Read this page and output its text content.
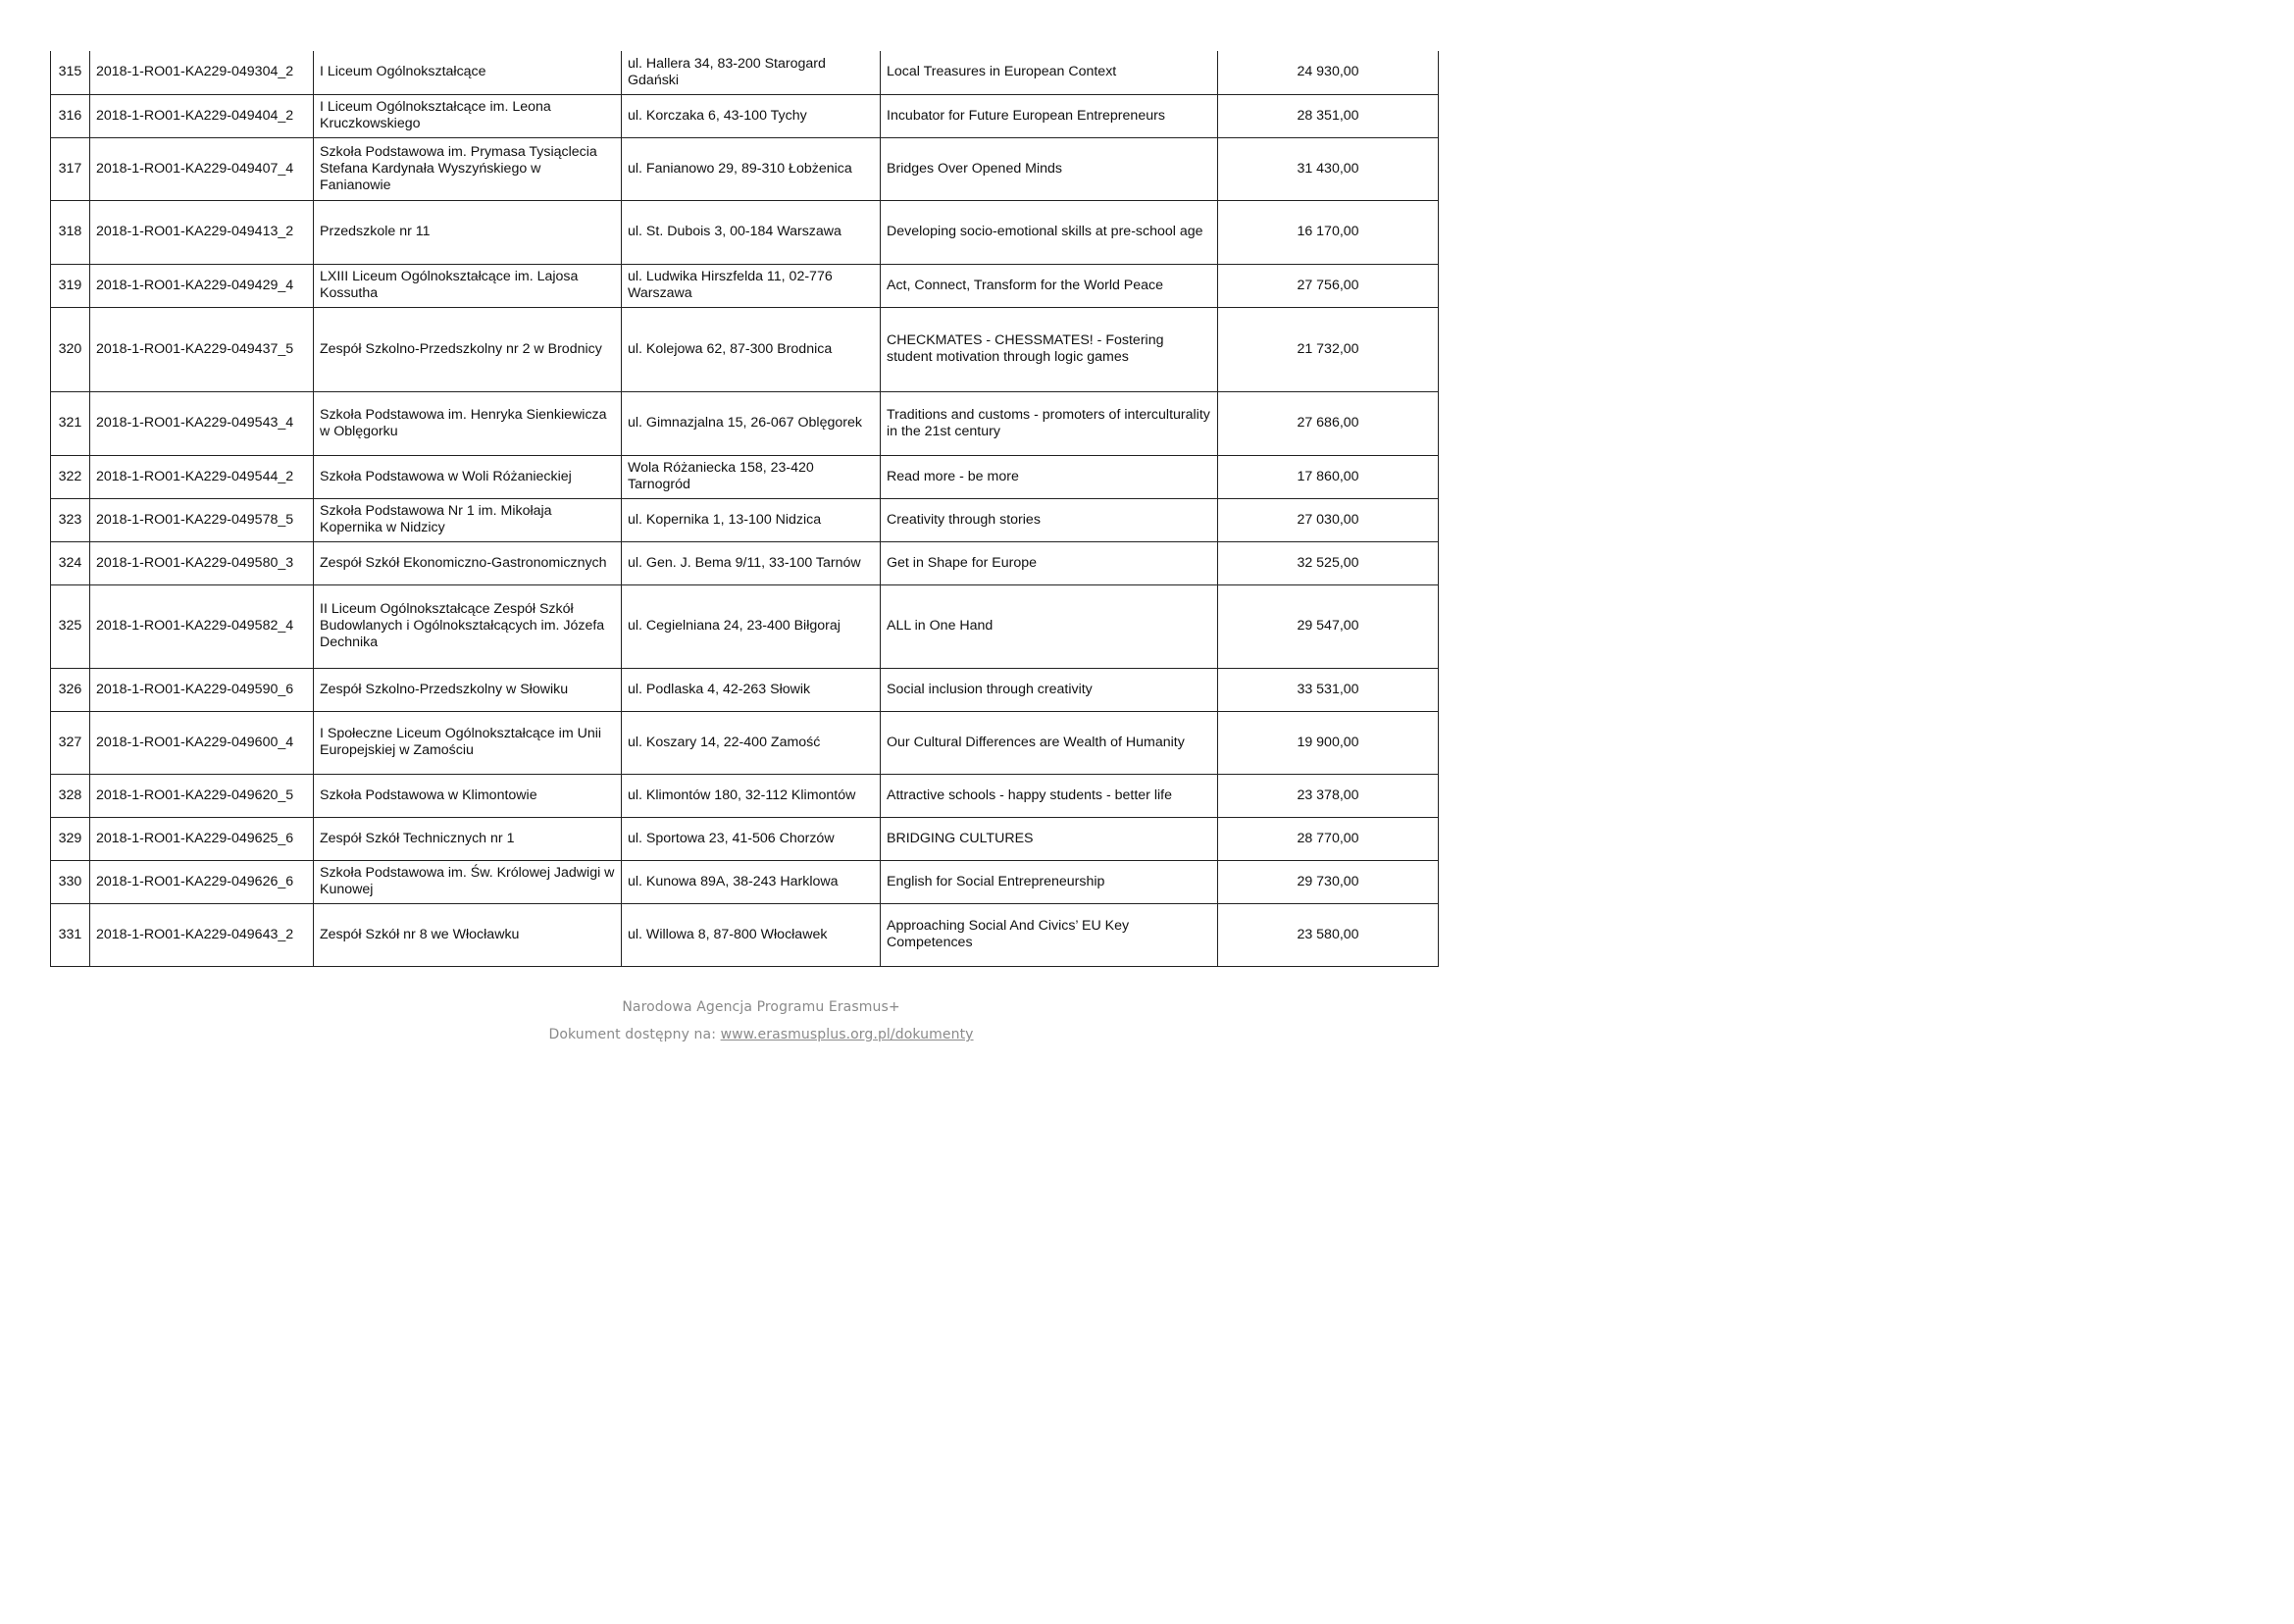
315	2018-1-RO01-KA229-049304_2	I Liceum Ogólnokształcące	ul. Hallera 34, 83-200 Starogard Gdański	Local Treasures in European Context	24 930,00
316	2018-1-RO01-KA229-049404_2	I Liceum Ogólnokształcące im. Leona Kruczkowskiego	ul. Korczaka 6, 43-100 Tychy	Incubator for Future European Entrepreneurs	28 351,00
317	2018-1-RO01-KA229-049407_4	Szkoła Podstawowa im. Prymasa Tysiąclecia Stefana Kardynała Wyszyńskiego w Fanianowie	ul. Fanianowo 29, 89-310 Łobżenica	Bridges Over Opened Minds	31 430,00
318	2018-1-RO01-KA229-049413_2	Przedszkole nr 11	ul. St. Dubois 3, 00-184 Warszawa	Developing socio-emotional skills at pre-school age	16 170,00
319	2018-1-RO01-KA229-049429_4	LXIII Liceum Ogólnokształcące im. Lajosa Kossutha	ul. Ludwika Hirszfelda 11, 02-776 Warszawa	Act, Connect, Transform for the World Peace	27 756,00
320	2018-1-RO01-KA229-049437_5	Zespół Szkolno-Przedszkolny nr 2 w Brodnicy	ul. Kolejowa 62, 87-300 Brodnica	CHECKMATES - CHESSMATES! - Fostering student motivation through logic games	21 732,00
321	2018-1-RO01-KA229-049543_4	Szkoła Podstawowa im. Henryka Sienkiewicza w Oblęgorku	ul. Gimnazjalna 15, 26-067 Oblęgorek	Traditions and customs - promoters of interculturality in the 21st century	27 686,00
322	2018-1-RO01-KA229-049544_2	Szkoła Podstawowa w Woli Różanieckiej	Wola Różaniecka 158, 23-420 Tarnogród	Read more - be more	17 860,00
323	2018-1-RO01-KA229-049578_5	Szkoła Podstawowa Nr 1 im. Mikołaja Kopernika w Nidzicy	ul. Kopernika 1, 13-100 Nidzica	Creativity through stories	27 030,00
324	2018-1-RO01-KA229-049580_3	Zespół Szkół Ekonomiczno-Gastronomicznych	ul. Gen. J. Bema 9/11, 33-100 Tarnów	Get in Shape for Europe	32 525,00
325	2018-1-RO01-KA229-049582_4	II Liceum Ogólnokształcące Zespół Szkół Budowlanych i Ogólnokształcących im. Józefa Dechnika	ul. Cegielniana 24, 23-400 Biłgoraj	ALL in One Hand	29 547,00
326	2018-1-RO01-KA229-049590_6	Zespół Szkolno-Przedszkolny w Słowiku	ul. Podlaska 4, 42-263 Słowik	Social inclusion through creativity	33 531,00
327	2018-1-RO01-KA229-049600_4	I Społeczne Liceum Ogólnokształcące im Unii Europejskiej w Zamościu	ul. Koszary 14, 22-400 Zamość	Our Cultural Differences are Wealth of Humanity	19 900,00
328	2018-1-RO01-KA229-049620_5	Szkoła Podstawowa w Klimontowie	ul. Klimontów 180, 32-112 Klimontów	Attractive schools - happy students - better life	23 378,00
329	2018-1-RO01-KA229-049625_6	Zespół Szkół Technicznych nr 1	ul. Sportowa 23, 41-506 Chorzów	BRIDGING CULTURES	28 770,00
330	2018-1-RO01-KA229-049626_6	Szkoła Podstawowa im. Św. Królowej Jadwigi w Kunowej	ul. Kunowa 89A, 38-243 Harklowa	English for Social Entrepreneurship	29 730,00
331	2018-1-RO01-KA229-049643_2	Zespół Szkół nr 8 we Włocławku	ul. Willowa 8, 87-800 Włocławek	Approaching Social And Civics’ EU Key Competences	23 580,00
Narodowa Agencja Programu Erasmus+
Dokument dostępny na: www.erasmusplus.org.pl/dokumenty
